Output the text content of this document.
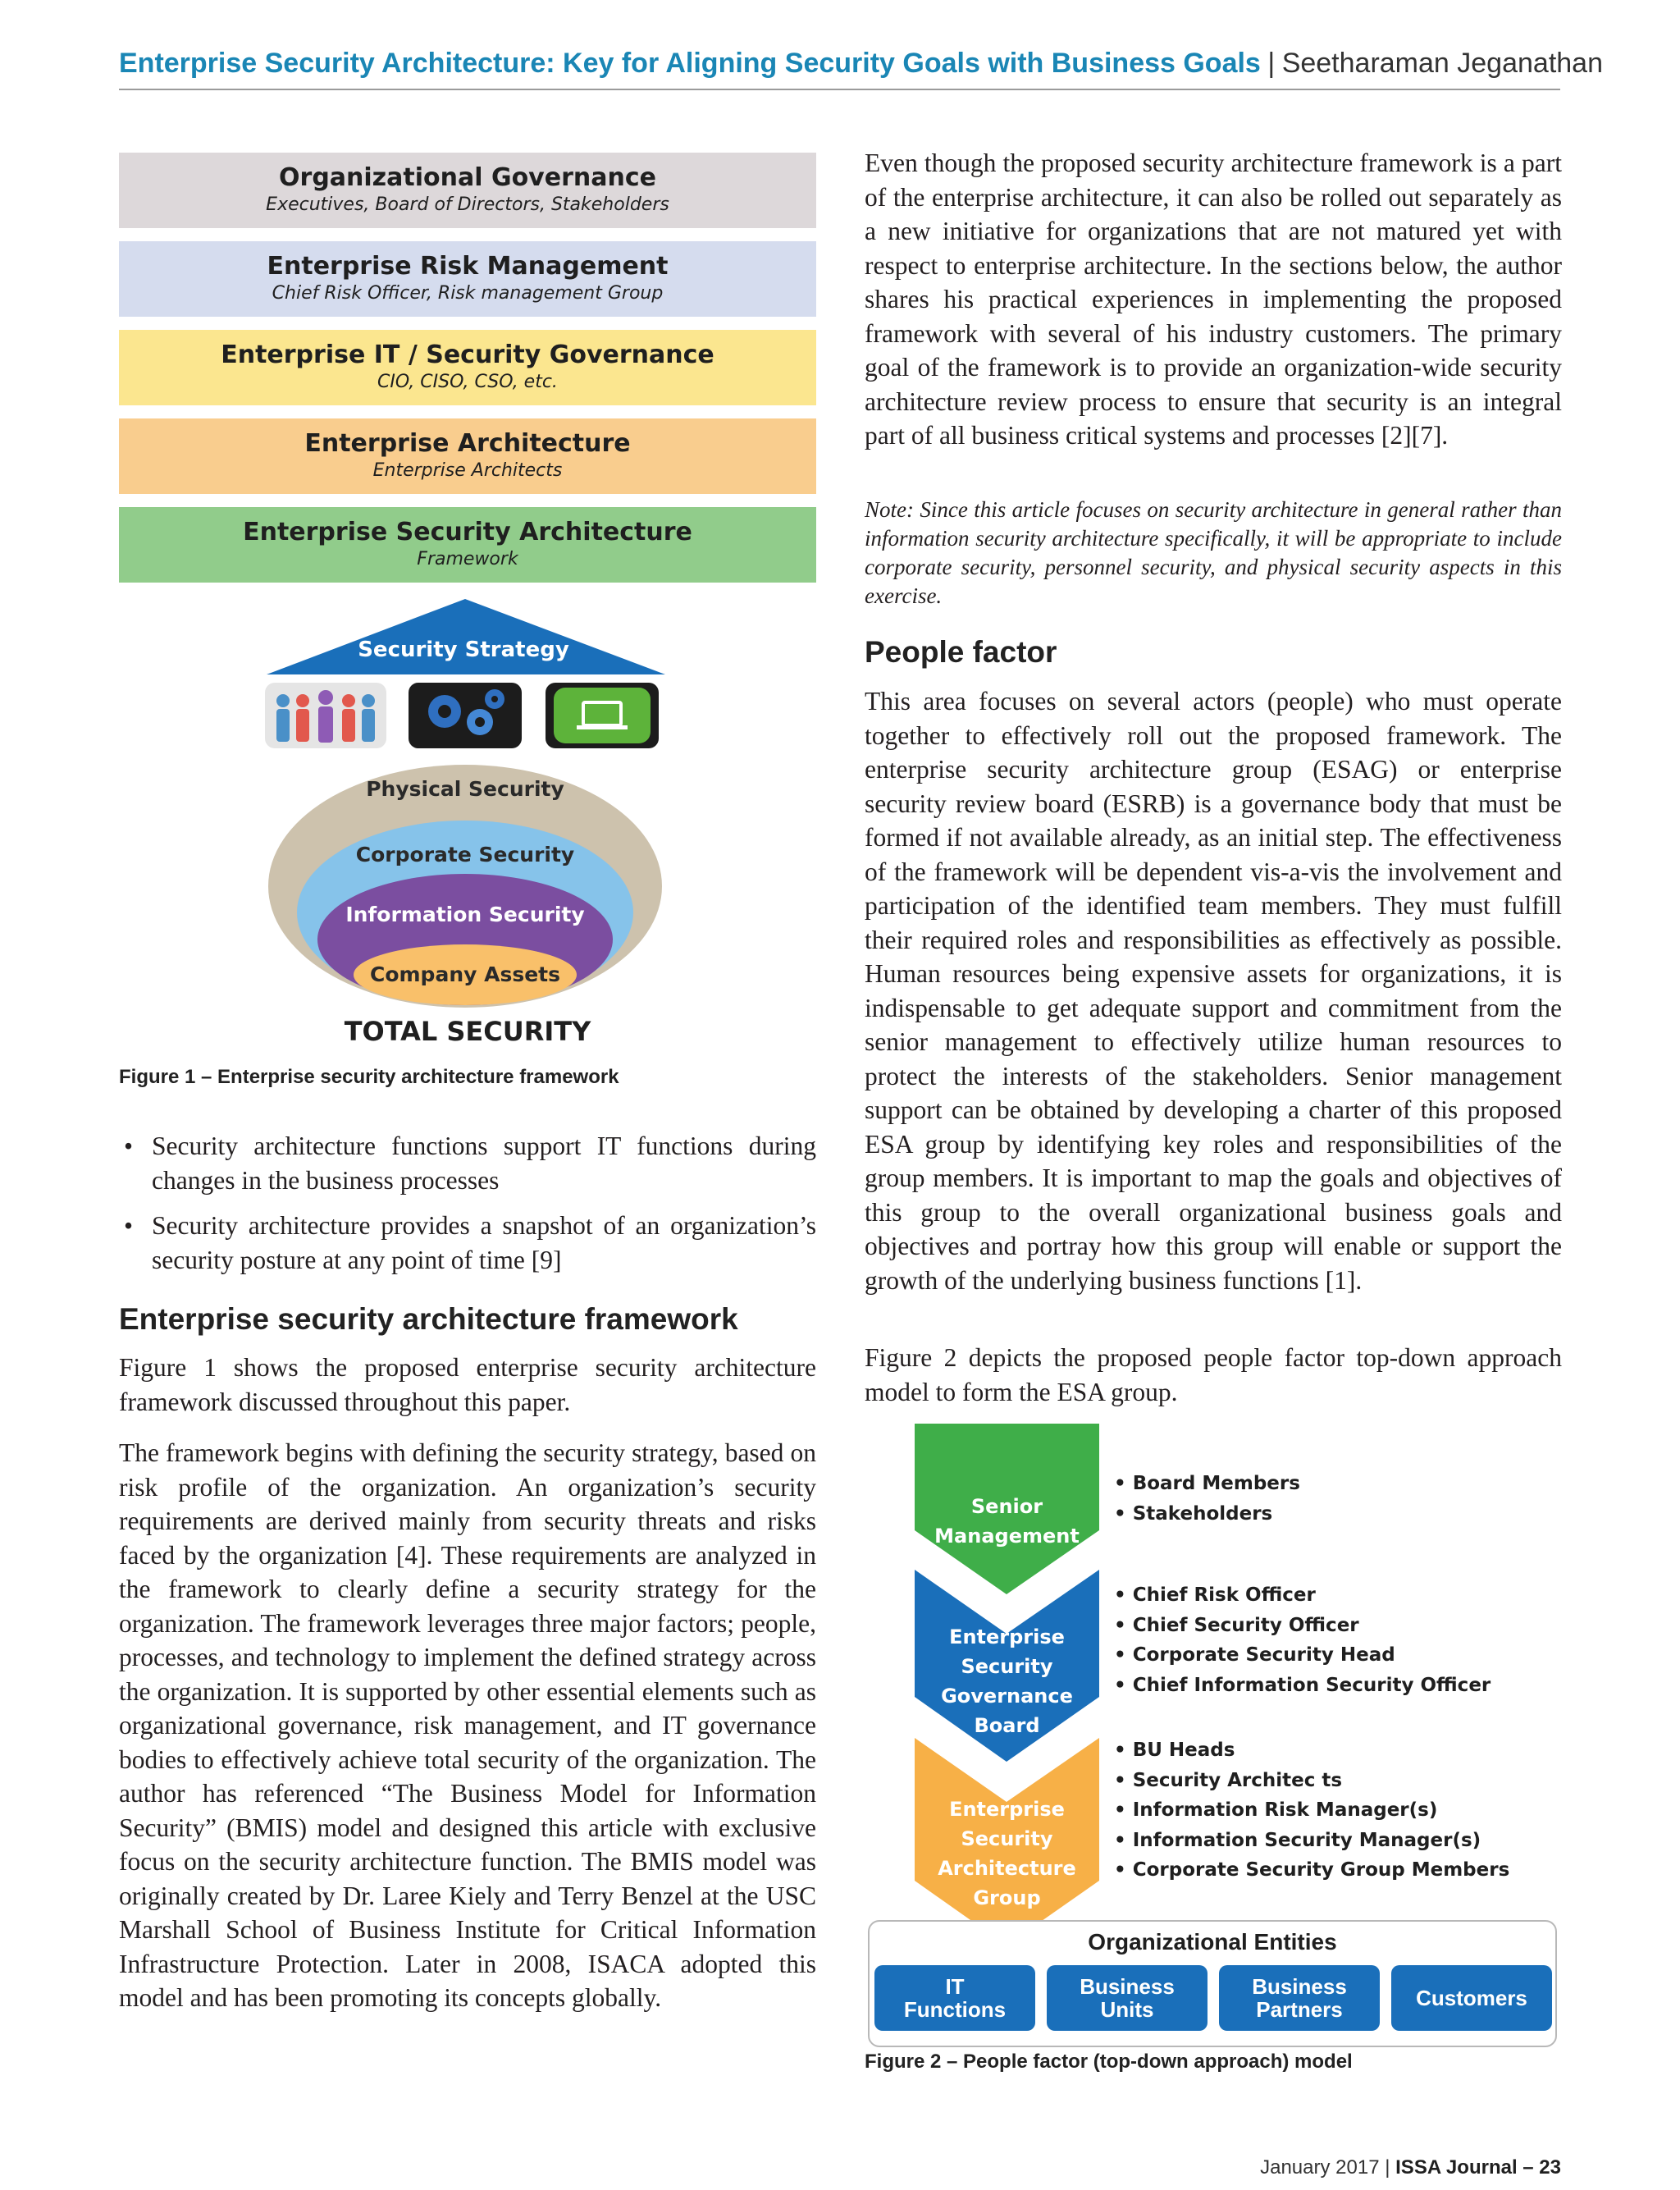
Enterprise Security Architecture: Key for Aligning Security Goals with Business Goals | Seetharaman Jeganathan
Organizational Governance
Executives, Board of Directors, Stakeholders
Enterprise Risk Management
Chief Risk Officer, Risk management Group
Enterprise IT / Security Governance
CIO, CISO, CSO, etc.
Enterprise Architecture
Enterprise Architects
Enterprise Security Architecture
Framework
Security Strategy
Physical Security
Corporate Security
Information Security
Company Assets
TOTAL SECURITY
Figure 1 – Enterprise security architecture framework
• Security architecture functions support IT functions during changes in the business processes
• Security architecture provides a snapshot of an organization’s security posture at any point of time [9]
Enterprise security architecture framework
Figure 1 shows the proposed enterprise security architecture framework discussed throughout this paper.
The framework begins with defining the security strategy, based on risk profile of the organization. An organization’s security requirements are derived mainly from security threats and risks faced by the organization [4]. These requirements are analyzed in the framework to clearly define a security strategy for the organization. The framework leverages three major factors; people, processes, and technology to implement the defined strategy across the organization. It is supported by other essential elements such as organizational governance, risk management, and IT governance bodies to effectively achieve total security of the organization. The author has referenced “The Business Model for Information Security” (BMIS) model and designed this article with exclusive focus on the security architecture function. The BMIS model was originally created by Dr. Laree Kiely and Terry Benzel at the USC Marshall School of Business Institute for Critical Information Infrastructure Protection. Later in 2008, ISACA adopted this model and has been promoting its concepts globally.
Even though the proposed security architecture framework is a part of the enterprise architecture, it can also be rolled out separately as a new initiative for organizations that are not matured yet with respect to enterprise architecture. In the sections below, the author shares his practical experiences in implementing the proposed framework with several of his industry customers. The primary goal of the framework is to provide an organization-wide security architecture review process to ensure that security is an integral part of all business critical systems and processes [2][7].
Note: Since this article focuses on security architecture in general rather than information security architecture specifically, it will be appropriate to include corporate security, personnel security, and physical security aspects in this exercise.
People factor
This area focuses on several actors (people) who must operate together to effectively roll out the proposed framework. The enterprise security architecture group (ESAG) or enterprise security review board (ESRB) is a governance body that must be formed if not available already, as an initial step. The effectiveness of the framework will be dependent vis-a-vis the involvement and participation of the identified team members. They must fulfill their required roles and responsibilities as effectively as possible. Human resources being expensive assets for organizations, it is indispensable to get adequate support and commitment from the senior management to effectively utilize human resources to protect the interests of the stakeholders. Senior management support can be obtained by developing a charter of this proposed ESA group by identifying key roles and responsibilities of the group members. It is important to map the goals and objectives of this group to the overall organizational business goals and objectives and portray how this group will enable or support the growth of the underlying business functions [1].
Figure 2 depicts the proposed people factor top-down approach model to form the ESA group.
Senior
Management
Enterprise
Security
Governance
Board
Enterprise
Security
Architecture
Group
• Board Members
• Stakeholders
• Chief Risk Officer
• Chief Security Officer
• Corporate Security Head
• Chief Information Security Officer
• BU Heads
• Security Architec ts
• Information Risk Manager(s)
• Information Security Manager(s)
• Corporate Security Group Members
Organizational Entities
IT
Functions
Business
Units
Business
Partners	Customers
Figure 2 – People factor (top-down approach) model
January 2017 | ISSA Journal – 23
